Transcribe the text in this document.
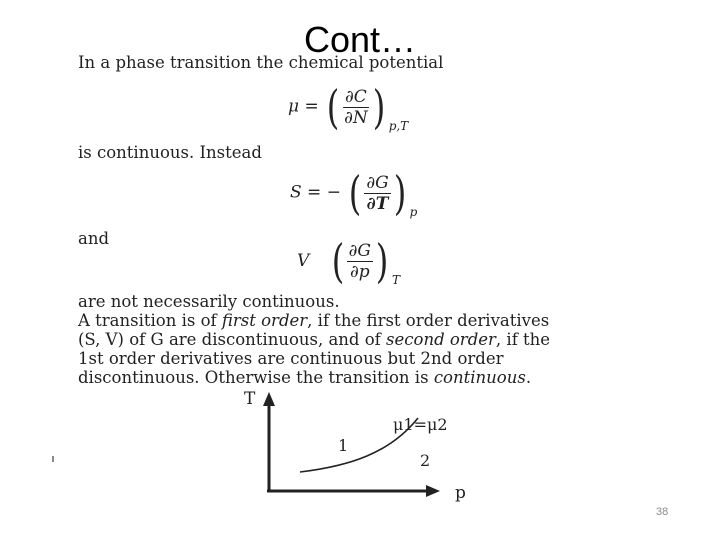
Cont…
In a phase transition the chemical potential
μ = ( $\frac{\partial C}{\partial N}$ ) $_{p,T}$
is continuous. Instead
S = − ( $\frac{\partial G}{\partial T}$ ) $_p$
and
V ( $\frac{\partial G}{\partial p}$ ) $_T$
are not necessarily continuous.
A transition is of first order, if the first order derivatives
(S, V) of G are discontinuous, and of second order, if the
1st order derivatives are continuous but 2nd order
discontinuous. Otherwise the transition is continuous.
T
p
μ1=μ2
1
2
38
